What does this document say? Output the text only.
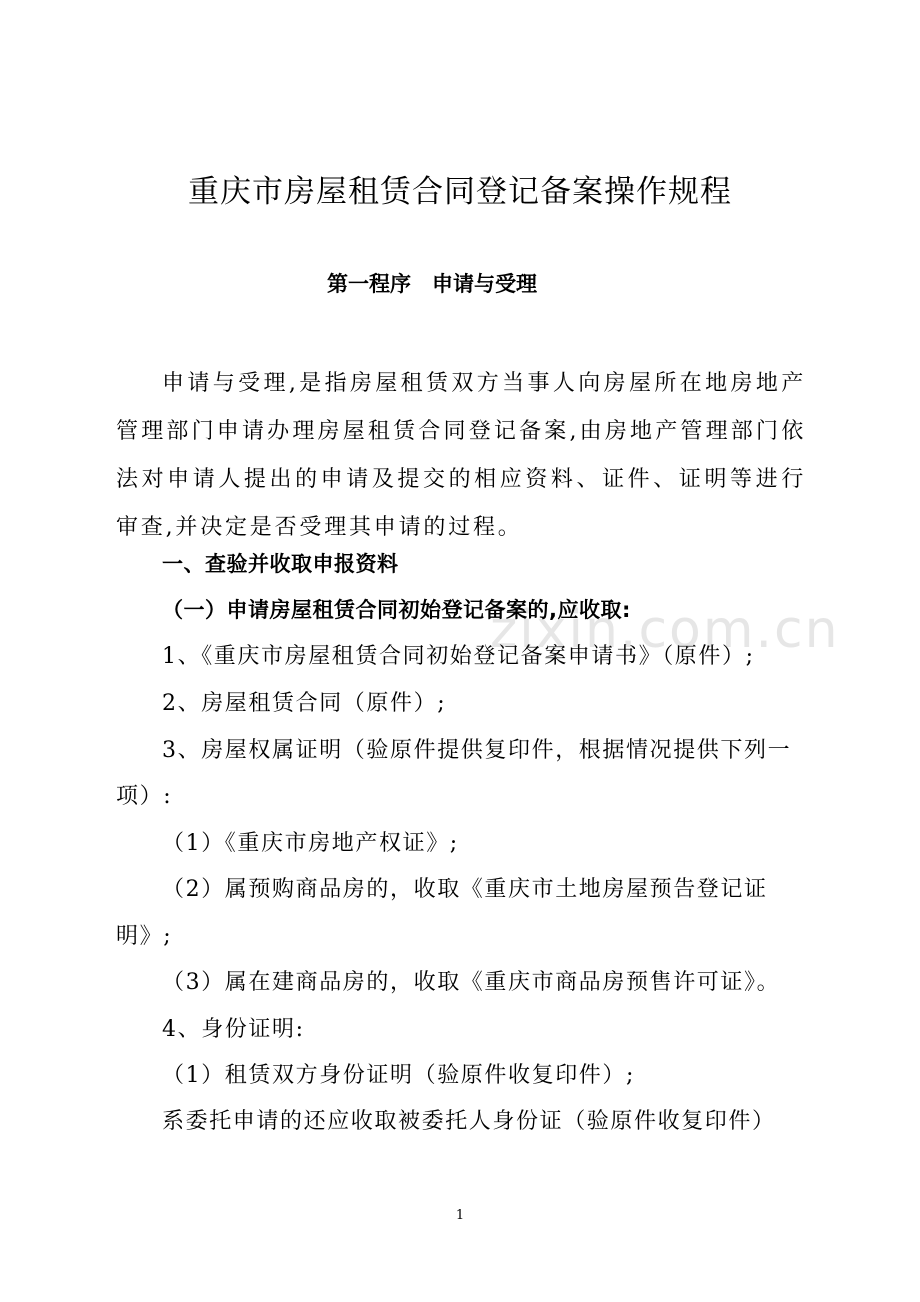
zixin.com.cn
重庆市房屋租赁合同登记备案操作规程
第一程序　申请与受理
申请与受理,是指房屋租赁双方当事人向房屋所在地房地产管理部门申请办理房屋租赁合同登记备案,由房地产管理部门依法对申请人提出的申请及提交的相应资料、证件、证明等进行审查,并决定是否受理其申请的过程。
一、查验并收取申报资料
（一）申请房屋租赁合同初始登记备案的,应收取:
1、《重庆市房屋租赁合同初始登记备案申请书》（原件）;
2、房屋租赁合同（原件）;
3、房屋权属证明（验原件提供复印件，根据情况提供下列一
项）:
（1）《重庆市房地产权证》;
（2）属预购商品房的，收取《重庆市土地房屋预告登记证
明》;
（3）属在建商品房的，收取《重庆市商品房预售许可证》。
4、身份证明:
（1）租赁双方身份证明（验原件收复印件）;
系委托申请的还应收取被委托人身份证（验原件收复印件）
1
